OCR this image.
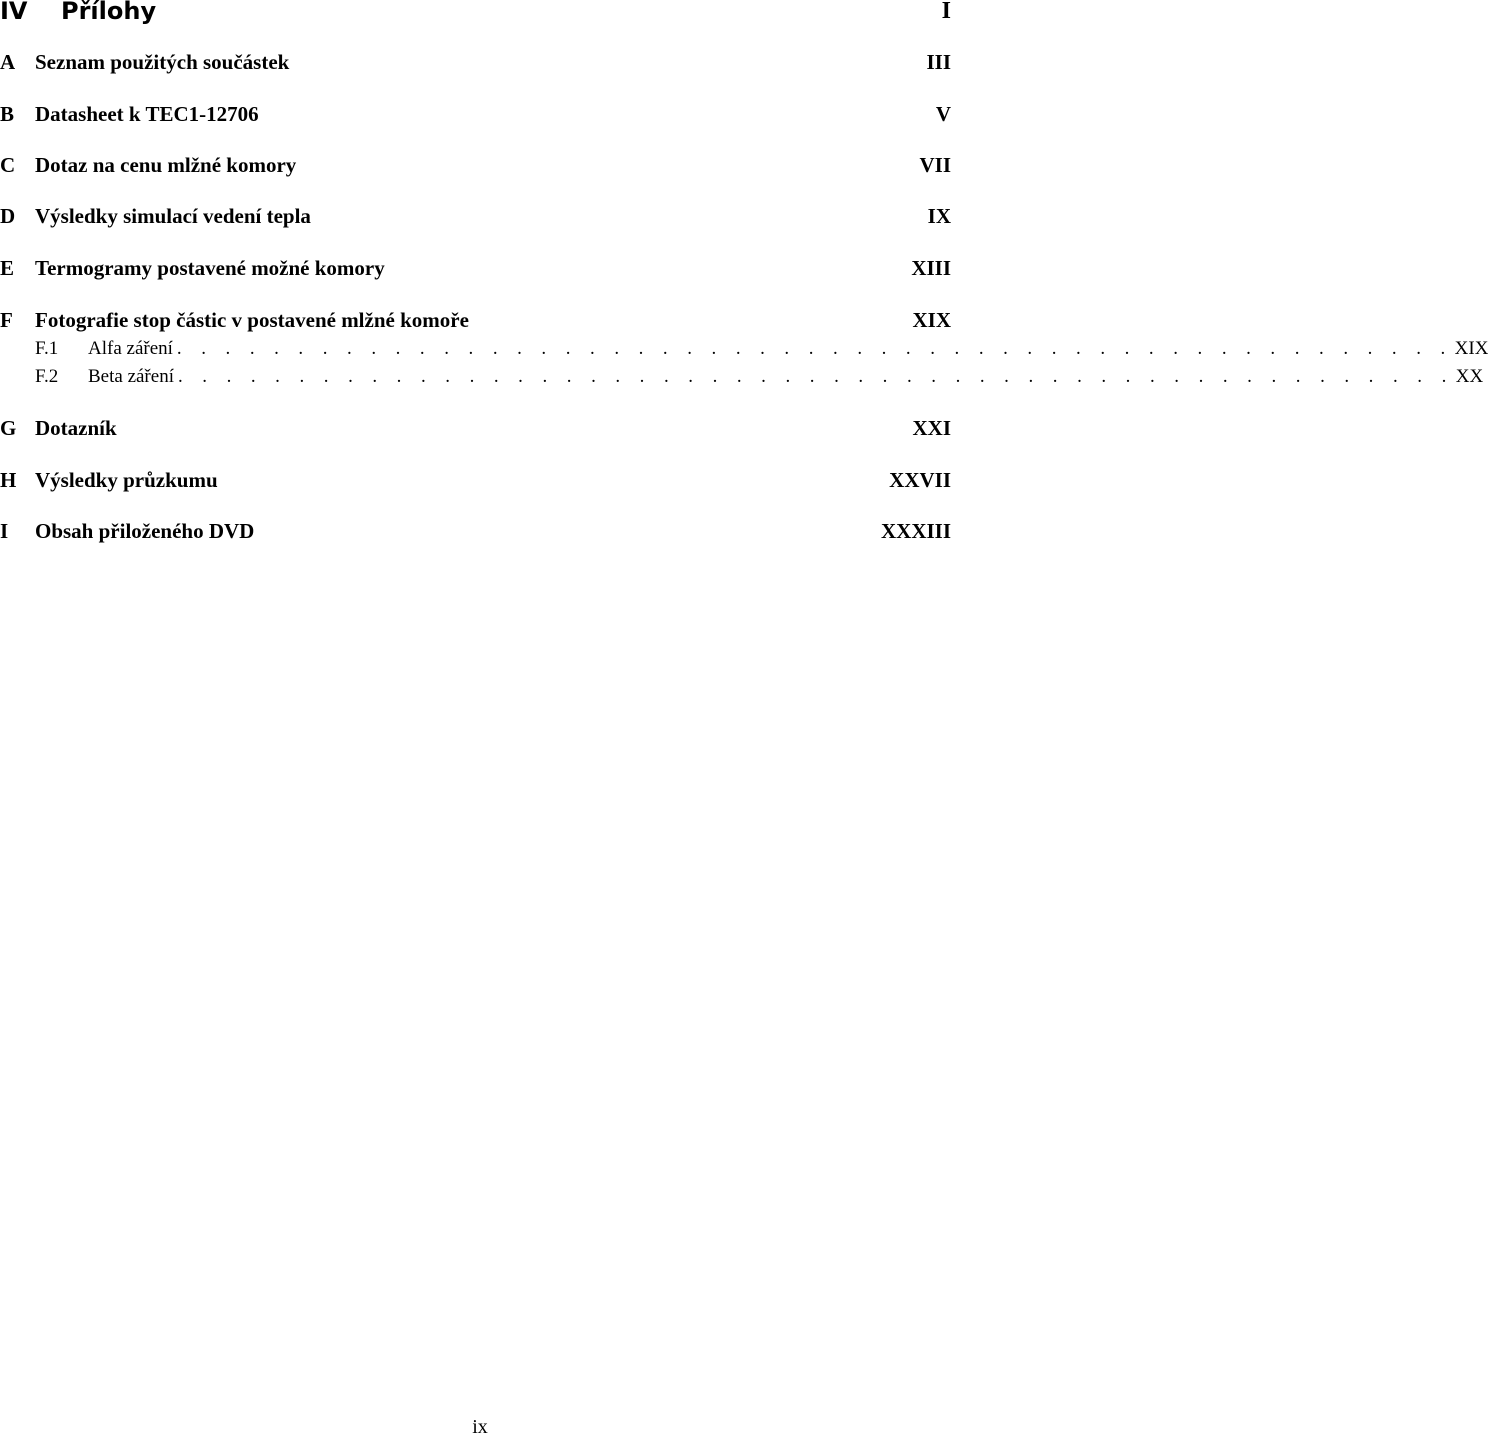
IV Přílohy	I
A Seznam použitých součástek	III
B Datasheet k TEC1-12706	V
C Dotaz na cenu mlžné komory	VII
D Výsledky simulací vedení tepla	IX
E Termogramy postavené možné komory	XIII
F Fotografie stop částic v postavené mlžné komoře	XIX
F.1	Alfa záření . . . . . . . . . . . . . . . . . . . . . . . . . . . . . . . . . . . . . . . . . . . . . . . . . . . . . XIX
F.2	Beta záření . . . . . . . . . . . . . . . . . . . . . . . . . . . . . . . . . . . . . . . . . . . . . . . . . . . . . XX
G Dotazník	XXI
H Výsledky průzkumu	XXVII
I Obsah přiloženého DVD	XXXIII
ix
